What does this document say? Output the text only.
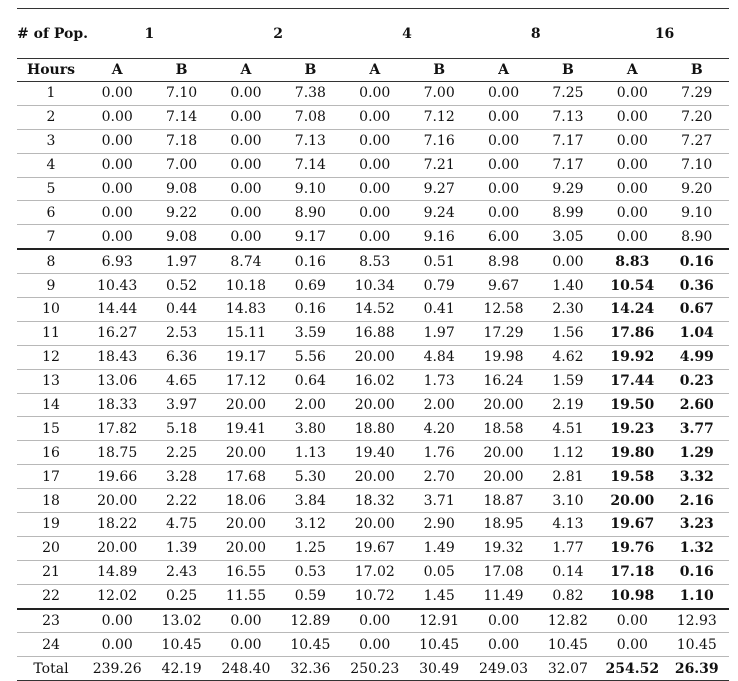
# of Pop.	1		2		4		8		16	
Hours	A	B	A	B	A	B	A	B	A	B
1	0.00	7.10	0.00	7.38	0.00	7.00	0.00	7.25	0.00	7.29
2	0.00	7.14	0.00	7.08	0.00	7.12	0.00	7.13	0.00	7.20
3	0.00	7.18	0.00	7.13	0.00	7.16	0.00	7.17	0.00	7.27
4	0.00	7.00	0.00	7.14	0.00	7.21	0.00	7.17	0.00	7.10
5	0.00	9.08	0.00	9.10	0.00	9.27	0.00	9.29	0.00	9.20
6	0.00	9.22	0.00	8.90	0.00	9.24	0.00	8.99	0.00	9.10
7	0.00	9.08	0.00	9.17	0.00	9.16	6.00	3.05	0.00	8.90
8	6.93	1.97	8.74	0.16	8.53	0.51	8.98	0.00	8.83	0.16
9	10.43	0.52	10.18	0.69	10.34	0.79	9.67	1.40	10.54	0.36
10	14.44	0.44	14.83	0.16	14.52	0.41	12.58	2.30	14.24	0.67
11	16.27	2.53	15.11	3.59	16.88	1.97	17.29	1.56	17.86	1.04
12	18.43	6.36	19.17	5.56	20.00	4.84	19.98	4.62	19.92	4.99
13	13.06	4.65	17.12	0.64	16.02	1.73	16.24	1.59	17.44	0.23
14	18.33	3.97	20.00	2.00	20.00	2.00	20.00	2.19	19.50	2.60
15	17.82	5.18	19.41	3.80	18.80	4.20	18.58	4.51	19.23	3.77
16	18.75	2.25	20.00	1.13	19.40	1.76	20.00	1.12	19.80	1.29
17	19.66	3.28	17.68	5.30	20.00	2.70	20.00	2.81	19.58	3.32
18	20.00	2.22	18.06	3.84	18.32	3.71	18.87	3.10	20.00	2.16
19	18.22	4.75	20.00	3.12	20.00	2.90	18.95	4.13	19.67	3.23
20	20.00	1.39	20.00	1.25	19.67	1.49	19.32	1.77	19.76	1.32
21	14.89	2.43	16.55	0.53	17.02	0.05	17.08	0.14	17.18	0.16
22	12.02	0.25	11.55	0.59	10.72	1.45	11.49	0.82	10.98	1.10
23	0.00	13.02	0.00	12.89	0.00	12.91	0.00	12.82	0.00	12.93
24	0.00	10.45	0.00	10.45	0.00	10.45	0.00	10.45	0.00	10.45
Total	239.26	42.19	248.40	32.36	250.23	30.49	249.03	32.07	254.52	26.39
